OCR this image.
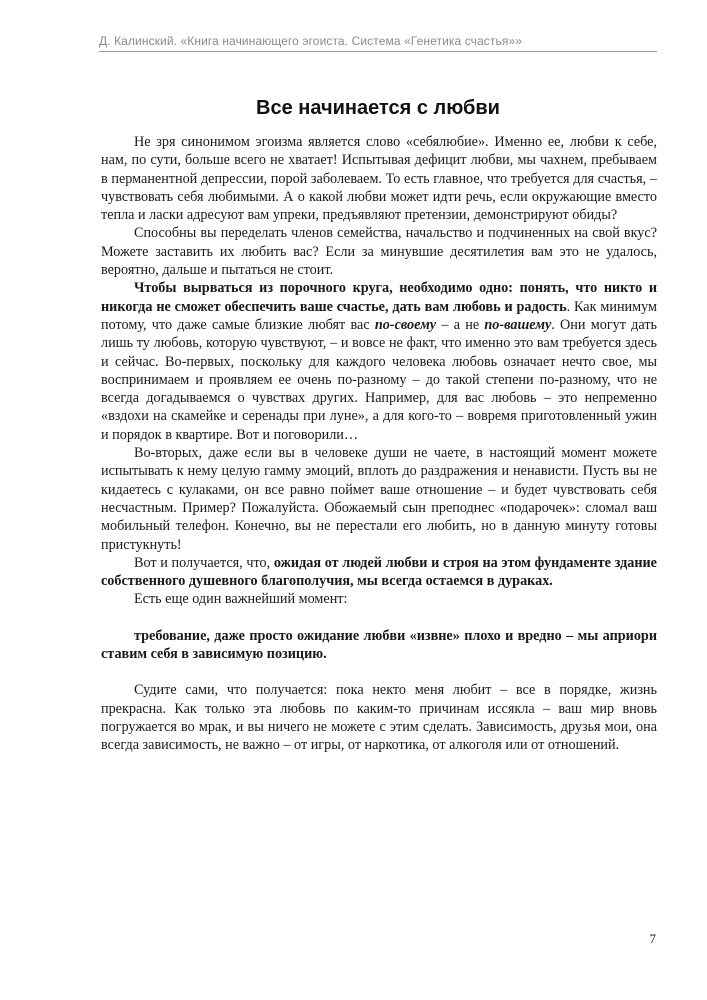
Д. Калинский. «Книга начинающего эгоиста. Система «Генетика счастья»»
Все начинается с любви

Не зря синонимом эгоизма является слово «себялюбие». Именно ее, любви к себе, нам, по сути, больше всего не хватает! Испытывая дефицит любви, мы чахнем, пребываем в перманентной депрессии, порой заболеваем. То есть главное, что требуется для счастья, – чувствовать себя любимыми. А о какой любви может идти речь, если окружающие вместо тепла и ласки адресуют вам упреки, предъявляют претензии, демонстрируют обиды?

Способны вы переделать членов семейства, начальство и подчиненных на свой вкус? Можете заставить их любить вас? Если за минувшие десятилетия вам это не удалось, вероятно, дальше и пытаться не стоит.

Чтобы вырваться из порочного круга, необходимо одно: понять, что никто и никогда не сможет обеспечить ваше счастье, дать вам любовь и радость. Как минимум потому, что даже самые близкие любят вас по-своему – а не по-вашему. Они могут дать лишь ту любовь, которую чувствуют, – и вовсе не факт, что именно это вам требуется здесь и сейчас. Во-первых, поскольку для каждого человека любовь означает нечто свое, мы воспринимаем и проявляем ее очень по-разному – до такой степени по-разному, что не всегда догадываемся о чувствах других. Например, для вас любовь – это непременно «вздохи на скамейке и серенады при луне», а для кого-то – вовремя приготовленный ужин и порядок в квартире. Вот и поговорили…

Во-вторых, даже если вы в человеке души не чаете, в настоящий момент можете испытывать к нему целую гамму эмоций, вплоть до раздражения и ненависти. Пусть вы не кидаетесь с кулаками, он все равно поймет ваше отношение – и будет чувствовать себя несчастным. Пример? Пожалуйста. Обожаемый сын преподнес «подарочек»: сломал ваш мобильный телефон. Конечно, вы не перестали его любить, но в данную минуту готовы пристукнуть!

Вот и получается, что, ожидая от людей любви и строя на этом фундаменте здание собственного душевного благополучия, мы всегда остаемся в дураках.

Есть еще один важнейший момент:

требование, даже просто ожидание любви «извне» плохо и вредно – мы априори ставим себя в зависимую позицию.

Судите сами, что получается: пока некто меня любит – все в порядке, жизнь прекрасна. Как только эта любовь по каким-то причинам иссякла – ваш мир вновь погружается во мрак, и вы ничего не можете с этим сделать. Зависимость, друзья мои, она всегда зависимость, не важно – от игры, от наркотика, от алкоголя или от отношений.

7
